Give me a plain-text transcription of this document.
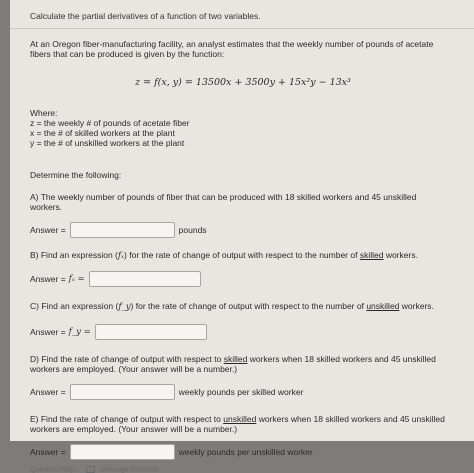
Calculate the partial derivatives of a function of two variables.
At an Oregon fiber-manufacturing facility, an analyst estimates that the weekly number of pounds of acetate fibers that can be produced is given by the function:
z = f(x, y) = 13500x + 3500y + 15x²y − 13x³
Where:
z = the weekly # of pounds of acetate fiber
x = the # of skilled workers at the plant
y = the # of unskilled workers at the plant
Determine the following:
A) The weekly number of pounds of fiber that can be produced with 18 skilled workers and 45 unskilled workers.
Answer =	pounds
B) Find an expression (fₓ) for the rate of change of output with respect to the number of skilled workers.
Answer = fₓ =
C) Find an expression (f_y) for the rate of change of output with respect to the number of unskilled workers.
Answer = f_y =
D) Find the rate of change of output with respect to skilled workers when 18 skilled workers and 45 unskilled workers are employed. (Your answer will be a number.)
Answer =	weekly pounds per skilled worker
E) Find the rate of change of output with respect to unskilled workers when 18 skilled workers and 45 unskilled workers are employed. (Your answer will be a number.)
Answer =	weekly pounds per unskilled worker
Question Help:	Message instructor
